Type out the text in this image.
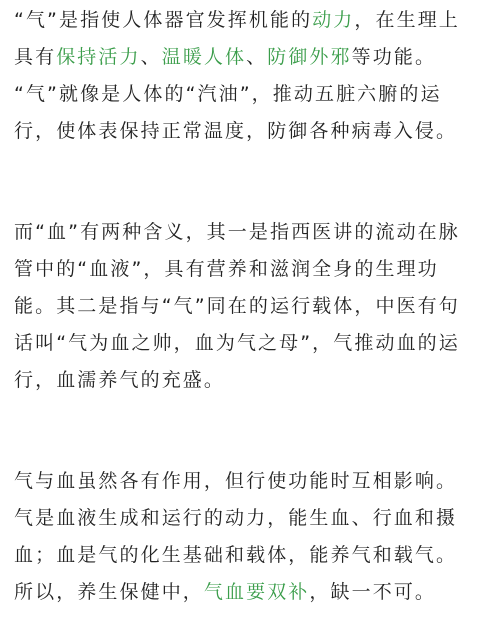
“气”是指使人体器官发挥机能的动力，在生理上
具有保持活力、温暖人体、防御外邪等功能。
“气”就像是人体的“汽油”，推动五脏六腑的运
行，使体表保持正常温度，防御各种病毒入侵。
而“血”有两种含义，其一是指西医讲的流动在脉
管中的“血液”，具有营养和滋润全身的生理功
能。其二是指与“气”同在的运行载体，中医有句
话叫“气为血之帅，血为气之母”，气推动血的运
行，血濡养气的充盛。
气与血虽然各有作用，但行使功能时互相影响。
气是血液生成和运行的动力，能生血、行血和摄
血；血是气的化生基础和载体，能养气和载气。
所以，养生保健中，气血要双补，缺一不可。
